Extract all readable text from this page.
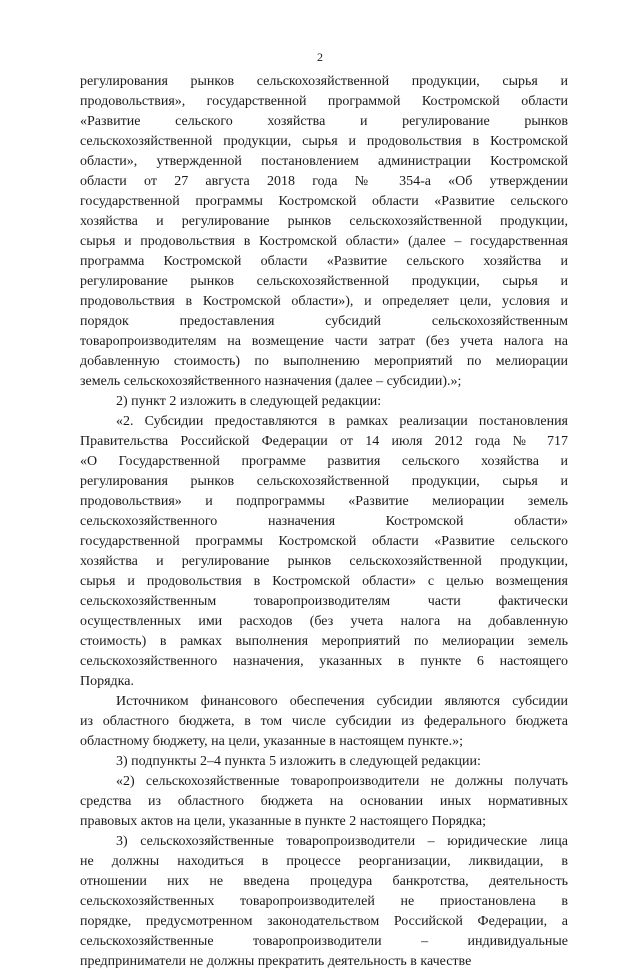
2

регулирования рынков сельскохозяйственной продукции, сырья и
продовольствия», государственной программой Костромской области
«Развитие сельского хозяйства и регулирование рынков
сельскохозяйственной продукции, сырья и продовольствия в Костромской
области», утвержденной постановлением администрации Костромской
области от 27 августа 2018 года № 354-а «Об утверждении
государственной программы Костромской области «Развитие сельского
хозяйства и регулирование рынков сельскохозяйственной продукции,
сырья и продовольствия в Костромской области» (далее – государственная
программа Костромской области «Развитие сельского хозяйства и
регулирование рынков сельскохозяйственной продукции, сырья и
продовольствия в Костромской области»), и определяет цели, условия и
порядок предоставления субсидий сельскохозяйственным
товаропроизводителям на возмещение части затрат (без учета налога на
добавленную стоимость) по выполнению мероприятий по мелиорации
земель сельскохозяйственного назначения (далее – субсидии).»;

2) пункт 2 изложить в следующей редакции:

«2. Субсидии предоставляются в рамках реализации постановления
Правительства Российской Федерации от 14 июля 2012 года № 717
«О Государственной программе развития сельского хозяйства и
регулирования рынков сельскохозяйственной продукции, сырья и
продовольствия» и подпрограммы «Развитие мелиорации земель
сельскохозяйственного назначения Костромской области»
государственной программы Костромской области «Развитие сельского
хозяйства и регулирование рынков сельскохозяйственной продукции,
сырья и продовольствия в Костромской области» с целью возмещения
сельскохозяйственным товаропроизводителям части фактически
осуществленных ими расходов (без учета налога на добавленную
стоимость) в рамках выполнения мероприятий по мелиорации земель
сельскохозяйственного назначения, указанных в пункте 6 настоящего
Порядка.

Источником финансового обеспечения субсидии являются субсидии
из областного бюджета, в том числе субсидии из федерального бюджета
областному бюджету, на цели, указанные в настоящем пункте.»;

3) подпункты 2–4 пункта 5 изложить в следующей редакции:

«2) сельскохозяйственные товаропроизводители не должны получать
средства из областного бюджета на основании иных нормативных
правовых актов на цели, указанные в пункте 2 настоящего Порядка;

3) сельскохозяйственные товаропроизводители – юридические лица
не должны находиться в процессе реорганизации, ликвидации, в
отношении них не введена процедура банкротства, деятельность
сельскохозяйственных товаропроизводителей не приостановлена в
порядке, предусмотренном законодательством Российской Федерации, а
сельскохозяйственные товаропроизводители – индивидуальные
предприниматели не должны прекратить деятельность в качестве
